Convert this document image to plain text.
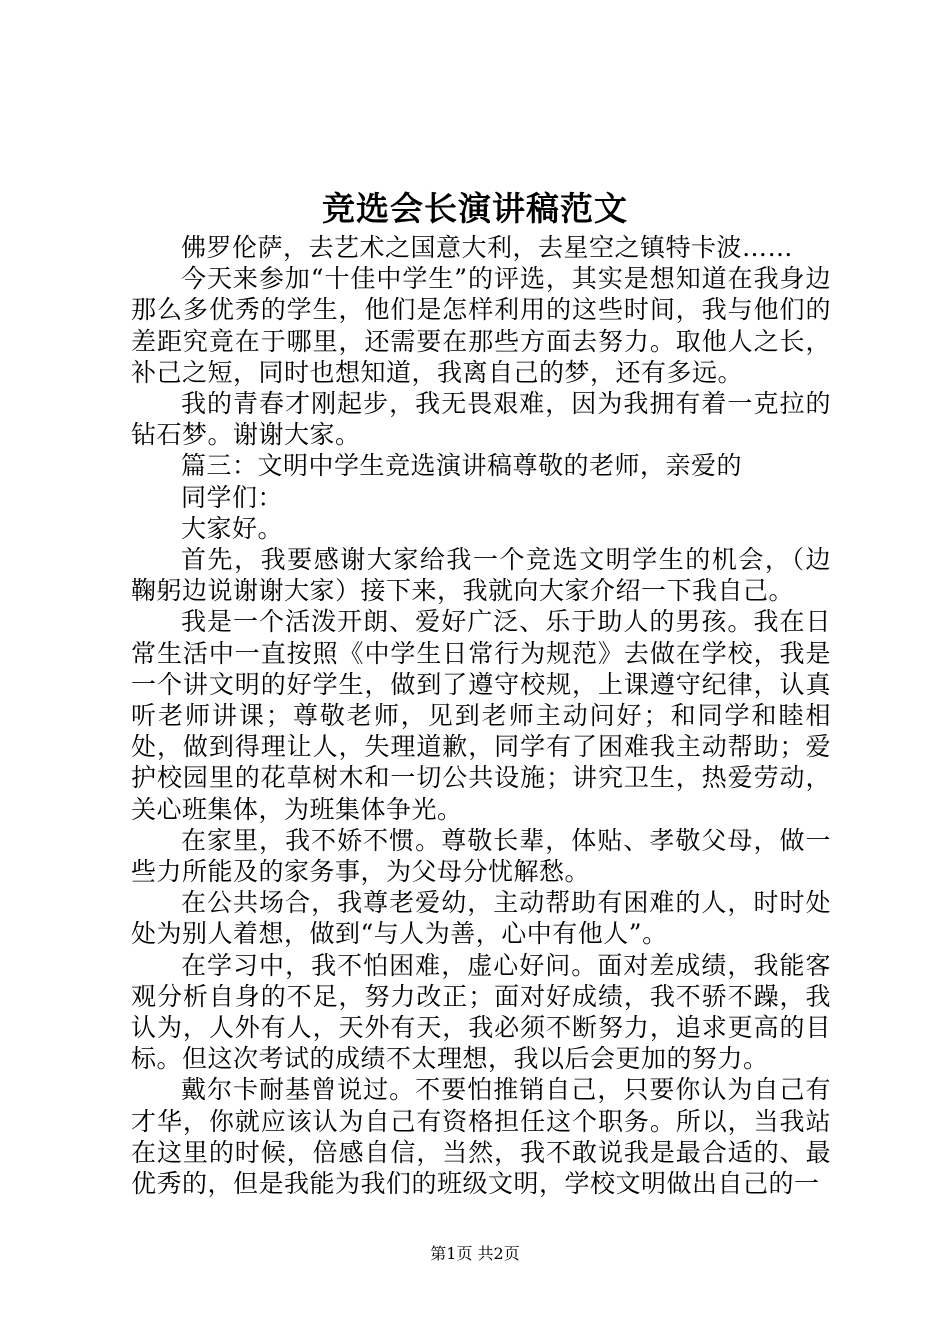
竞选会长演讲稿范文

佛罗伦萨，去艺术之国意大利，去星空之镇特卡波……

今天来参加“十佳中学生”的评选，其实是想知道在我身边那么多优秀的学生，他们是怎样利用的这些时间，我与他们的差距究竟在于哪里，还需要在那些方面去努力。取他人之长，补己之短，同时也想知道，我离自己的梦，还有多远。

我的青春才刚起步，我无畏艰难，因为我拥有着一克拉的钻石梦。谢谢大家。

篇三：文明中学生竞选演讲稿尊敬的老师，亲爱的

同学们：

大家好。

首先，我要感谢大家给我一个竞选文明学生的机会，（边鞠躬边说谢谢大家）接下来，我就向大家介绍一下我自己。

我是一个活泼开朗、爱好广泛、乐于助人的男孩。我在日常生活中一直按照《中学生日常行为规范》去做在学校，我是一个讲文明的好学生，做到了遵守校规，上课遵守纪律，认真听老师讲课；尊敬老师，见到老师主动问好；和同学和睦相处，做到得理让人，失理道歉，同学有了困难我主动帮助；爱护校园里的花草树木和一切公共设施；讲究卫生，热爱劳动，关心班集体，为班集体争光。

在家里，我不娇不惯。尊敬长辈，体贴、孝敬父母，做一些力所能及的家务事，为父母分忧解愁。

在公共场合，我尊老爱幼，主动帮助有困难的人，时时处处为别人着想，做到“与人为善，心中有他人”。

在学习中，我不怕困难，虚心好问。面对差成绩，我能客观分析自身的不足，努力改正；面对好成绩，我不骄不躁，我认为，人外有人，天外有天，我必须不断努力，追求更高的目标。但这次考试的成绩不太理想，我以后会更加的努力。

戴尔卡耐基曾说过。不要怕推销自己，只要你认为自己有才华，你就应该认为自己有资格担任这个职务。所以，当我站在这里的时候，倍感自信，当然，我不敢说我是最合适的、最优秀的，但是我能为我们的班级文明，学校文明做出自己的一

第1页 共2页
